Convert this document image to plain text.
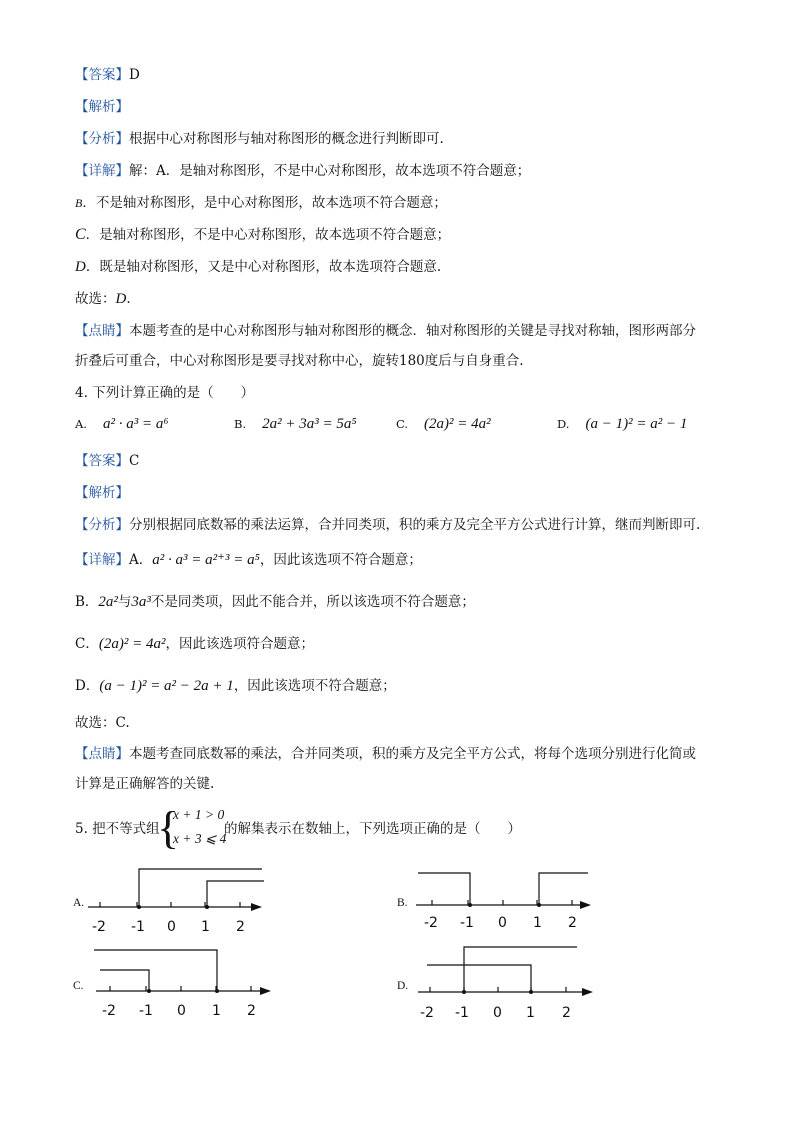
【答案】D
【解析】
【分析】根据中心对称图形与轴对称图形的概念进行判断即可.
【详解】解：A．是轴对称图形，不是中心对称图形，故本选项不符合题意；
B．不是轴对称图形，是中心对称图形，故本选项不符合题意；
C．是轴对称图形，不是中心对称图形，故本选项不符合题意；
D．既是轴对称图形，又是中心对称图形，故本选项符合题意.
故选：D.
【点睛】本题考查的是中心对称图形与轴对称图形的概念．轴对称图形的关键是寻找对称轴，图形两部分
折叠后可重合，中心对称图形是要寻找对称中心，旋转180度后与自身重合.
4. 下列计算正确的是（　　）
A. a² · a³ = a⁶	B. 2a² + 3a³ = 5a⁵	C. (2a)² = 4a²	D. (a − 1)² = a² − 1
【答案】C
【解析】
【分析】分别根据同底数幂的乘法运算，合并同类项，积的乘方及完全平方公式进行计算，继而判断即可.
【详解】A．a² · a³ = a²⁺³ = a⁵，因此该选项不符合题意；
B．2a²与3a³不是同类项，因此不能合并，所以该选项不符合题意；
C．(2a)² = 4a²，因此该选项符合题意；
D．(a − 1)² = a² − 2a + 1，因此该选项不符合题意；
故选：C.
【点睛】本题考查同底数幂的乘法，合并同类项，积的乘方及完全平方公式，将每个选项分别进行化简或
计算是正确解答的关键.
5. 把不等式组
{
x + 1 > 0
x + 3 ⩽ 4
的解集表示在数轴上，下列选项正确的是（　　）
A.
-2 -1 0 1 2
B.
-2 -1 0 1 2
C.
-2 -1 0 1 2
D.
-2 -1 0 1 2
